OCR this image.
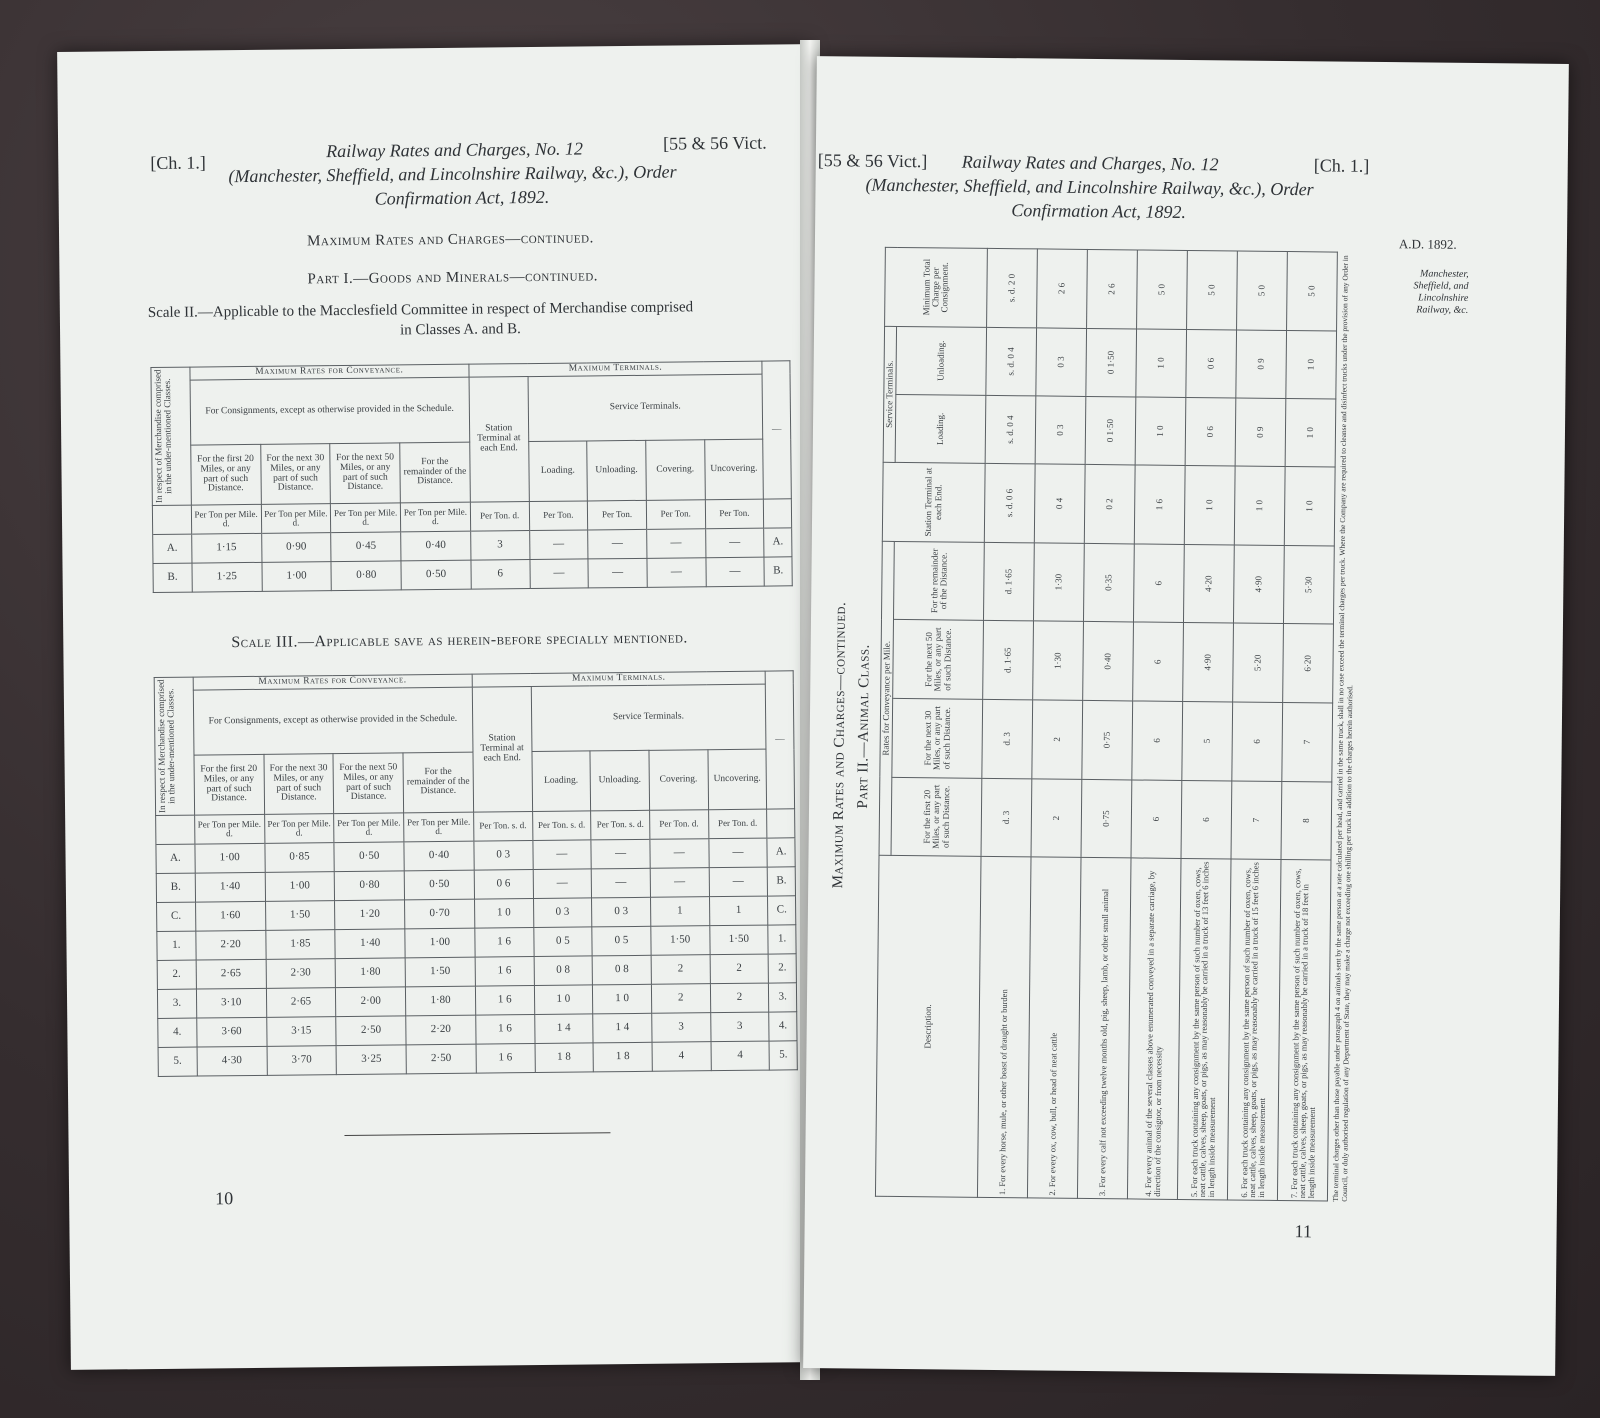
[Ch. 1.]
Railway Rates and Charges, No. 12	[55 & 56 Vict.
(Manchester, Sheffield, and Lincolnshire Railway, &c.), Order
Confirmation Act, 1892.
Maximum Rates and Charges—continued.
Part I.—Goods and Minerals—continued.
Scale II.—Applicable to the Macclesfield Committee in respect of Merchandise comprised
in Classes A. and B.
In respect of Merchandise comprised in the under-mentioned Classes.	Maximum Rates for Conveyance.				Maximum Terminals.					—
	For Consignments, except as otherwise provided in the Schedule.				Station Terminal at each End.	Service Terminals.				
	For the first 20 Miles, or any part of such Distance.	For the next 30 Miles, or any part of such Distance.	For the next 50 Miles, or any part of such Distance.	For the remainder of the Distance.		Loading.	Unloading.	Covering.	Uncovering.	
	Per Ton per Mile. d.	Per Ton per Mile. d.	Per Ton per Mile. d.	Per Ton per Mile. d.	Per Ton. d.	Per Ton.	Per Ton.	Per Ton.	Per Ton.	
A.	1·15	0·90	0·45	0·40	3	—	—	—	—	A.
B.	1·25	1·00	0·80	0·50	6	—	—	—	—	B.
Scale III.—Applicable save as herein-before specially mentioned.
In respect of Merchandise comprised in the under-mentioned Classes.	Maximum Rates for Conveyance.				Maximum Terminals.					—
	For Consignments, except as otherwise provided in the Schedule.				Station Terminal at each End.	Service Terminals.				
	For the first 20 Miles, or any part of such Distance.	For the next 30 Miles, or any part of such Distance.	For the next 50 Miles, or any part of such Distance.	For the remainder of the Distance.		Loading.	Unloading.	Covering.	Uncovering.	
	Per Ton per Mile. d.	Per Ton per Mile. d.	Per Ton per Mile. d.	Per Ton per Mile. d.	Per Ton. s. d.	Per Ton. s. d.	Per Ton. s. d.	Per Ton. d.	Per Ton. d.	
A.	1·00	0·85	0·50	0·40	0 3	—	—	—	—	A.
B.	1·40	1·00	0·80	0·50	0 6	—	—	—	—	B.
C.	1·60	1·50	1·20	0·70	1 0	0 3	0 3	1	1	C.
1.	2·20	1·85	1·40	1·00	1 6	0 5	0 5	1·50	1·50	1.
2.	2·65	2·30	1·80	1·50	1 6	0 8	0 8	2	2	2.
3.	3·10	2·65	2·00	1·80	1 6	1 0	1 0	2	2	3.
4.	3·60	3·15	2·50	2·20	1 6	1 4	1 4	3	3	4.
5.	4·30	3·70	3·25	2·50	1 6	1 8	1 8	4	4	5.
10
[55 & 56 Vict.] Railway Rates and Charges, No. 12	[Ch. 1.]
(Manchester, Sheffield, and Lincolnshire Railway, &c.), Order
Confirmation Act, 1892.
A.D. 1892.
Manchester, Sheffield, and Lincolnshire Railway, &c.
Maximum Rates and Charges—continued. Part II.—Animal Class.
Description.	Rates for Conveyance per Mile.				Station Terminal at each End.	Service Terminals.		Minimum Total Charge per Consignment.
	For the first 20 Miles, or any part of such Distance.	For the next 30 Miles, or any part of such Distance.	For the next 50 Miles, or any part of such Distance.	For the remainder of the Distance.		Loading.	Unloading.	
1. For every horse, mule, or other beast of draught or burden	d. 3	d. 3	d. 1·65	d. 1·65	s. d. 0 6	s. d. 0 4	s. d. 0 4	s. d. 2 0
2. For every ox, cow, bull, or head of neat cattle	2	2	1·30	1·30	0 4	0 3	0 3	2 6
3. For every calf not exceeding twelve months old, pig, sheep, lamb, or other small animal	0·75	0·75	0·40	0·35	0 2	0 1·50	0 1·50	2 6
4. For every animal of the several classes above enumerated conveyed in a separate carriage, by direction of the consignor, or from necessity	6	6	6	6	1 6	1 0	1 0	5 0
5. For each truck containing any consignment by the same person of such number of oxen, cows, neat cattle, calves, sheep, goats, or pigs, as may reasonably be carried in a truck of 13 feet 6 inches in length inside measurement	6	5	4·90	4·20	1 0	0 6	0 6	5 0
6. For each truck containing any consignment by the same person of such number of oxen, cows, neat cattle, calves, sheep, goats, or pigs, as may reasonably be carried in a truck of 15 feet 6 inches in length inside measurement	7	6	5·20	4·90	1 0	0 9	0 9	5 0
7. For each truck containing any consignment by the same person of such number of oxen, cows, neat cattle, calves, sheep, goats, or pigs, as may reasonably be carried in a truck of 18 feet in length inside measurement	8	7	6·20	5·30	1 0	1 0	1 0	5 0 The terminal charges other than those payable under paragraph 4 on animals sent by the same person at a rate calculated per head, and carried in the same truck, shall in no case exceed the terminal charges per truck. Where the Company are required to cleanse and disinfect trucks under the provision of any Order in Council, or duly authorised regulation of any Department of State, they may make a charge not exceeding one shilling per truck in addition to the charges herein authorised.
11
